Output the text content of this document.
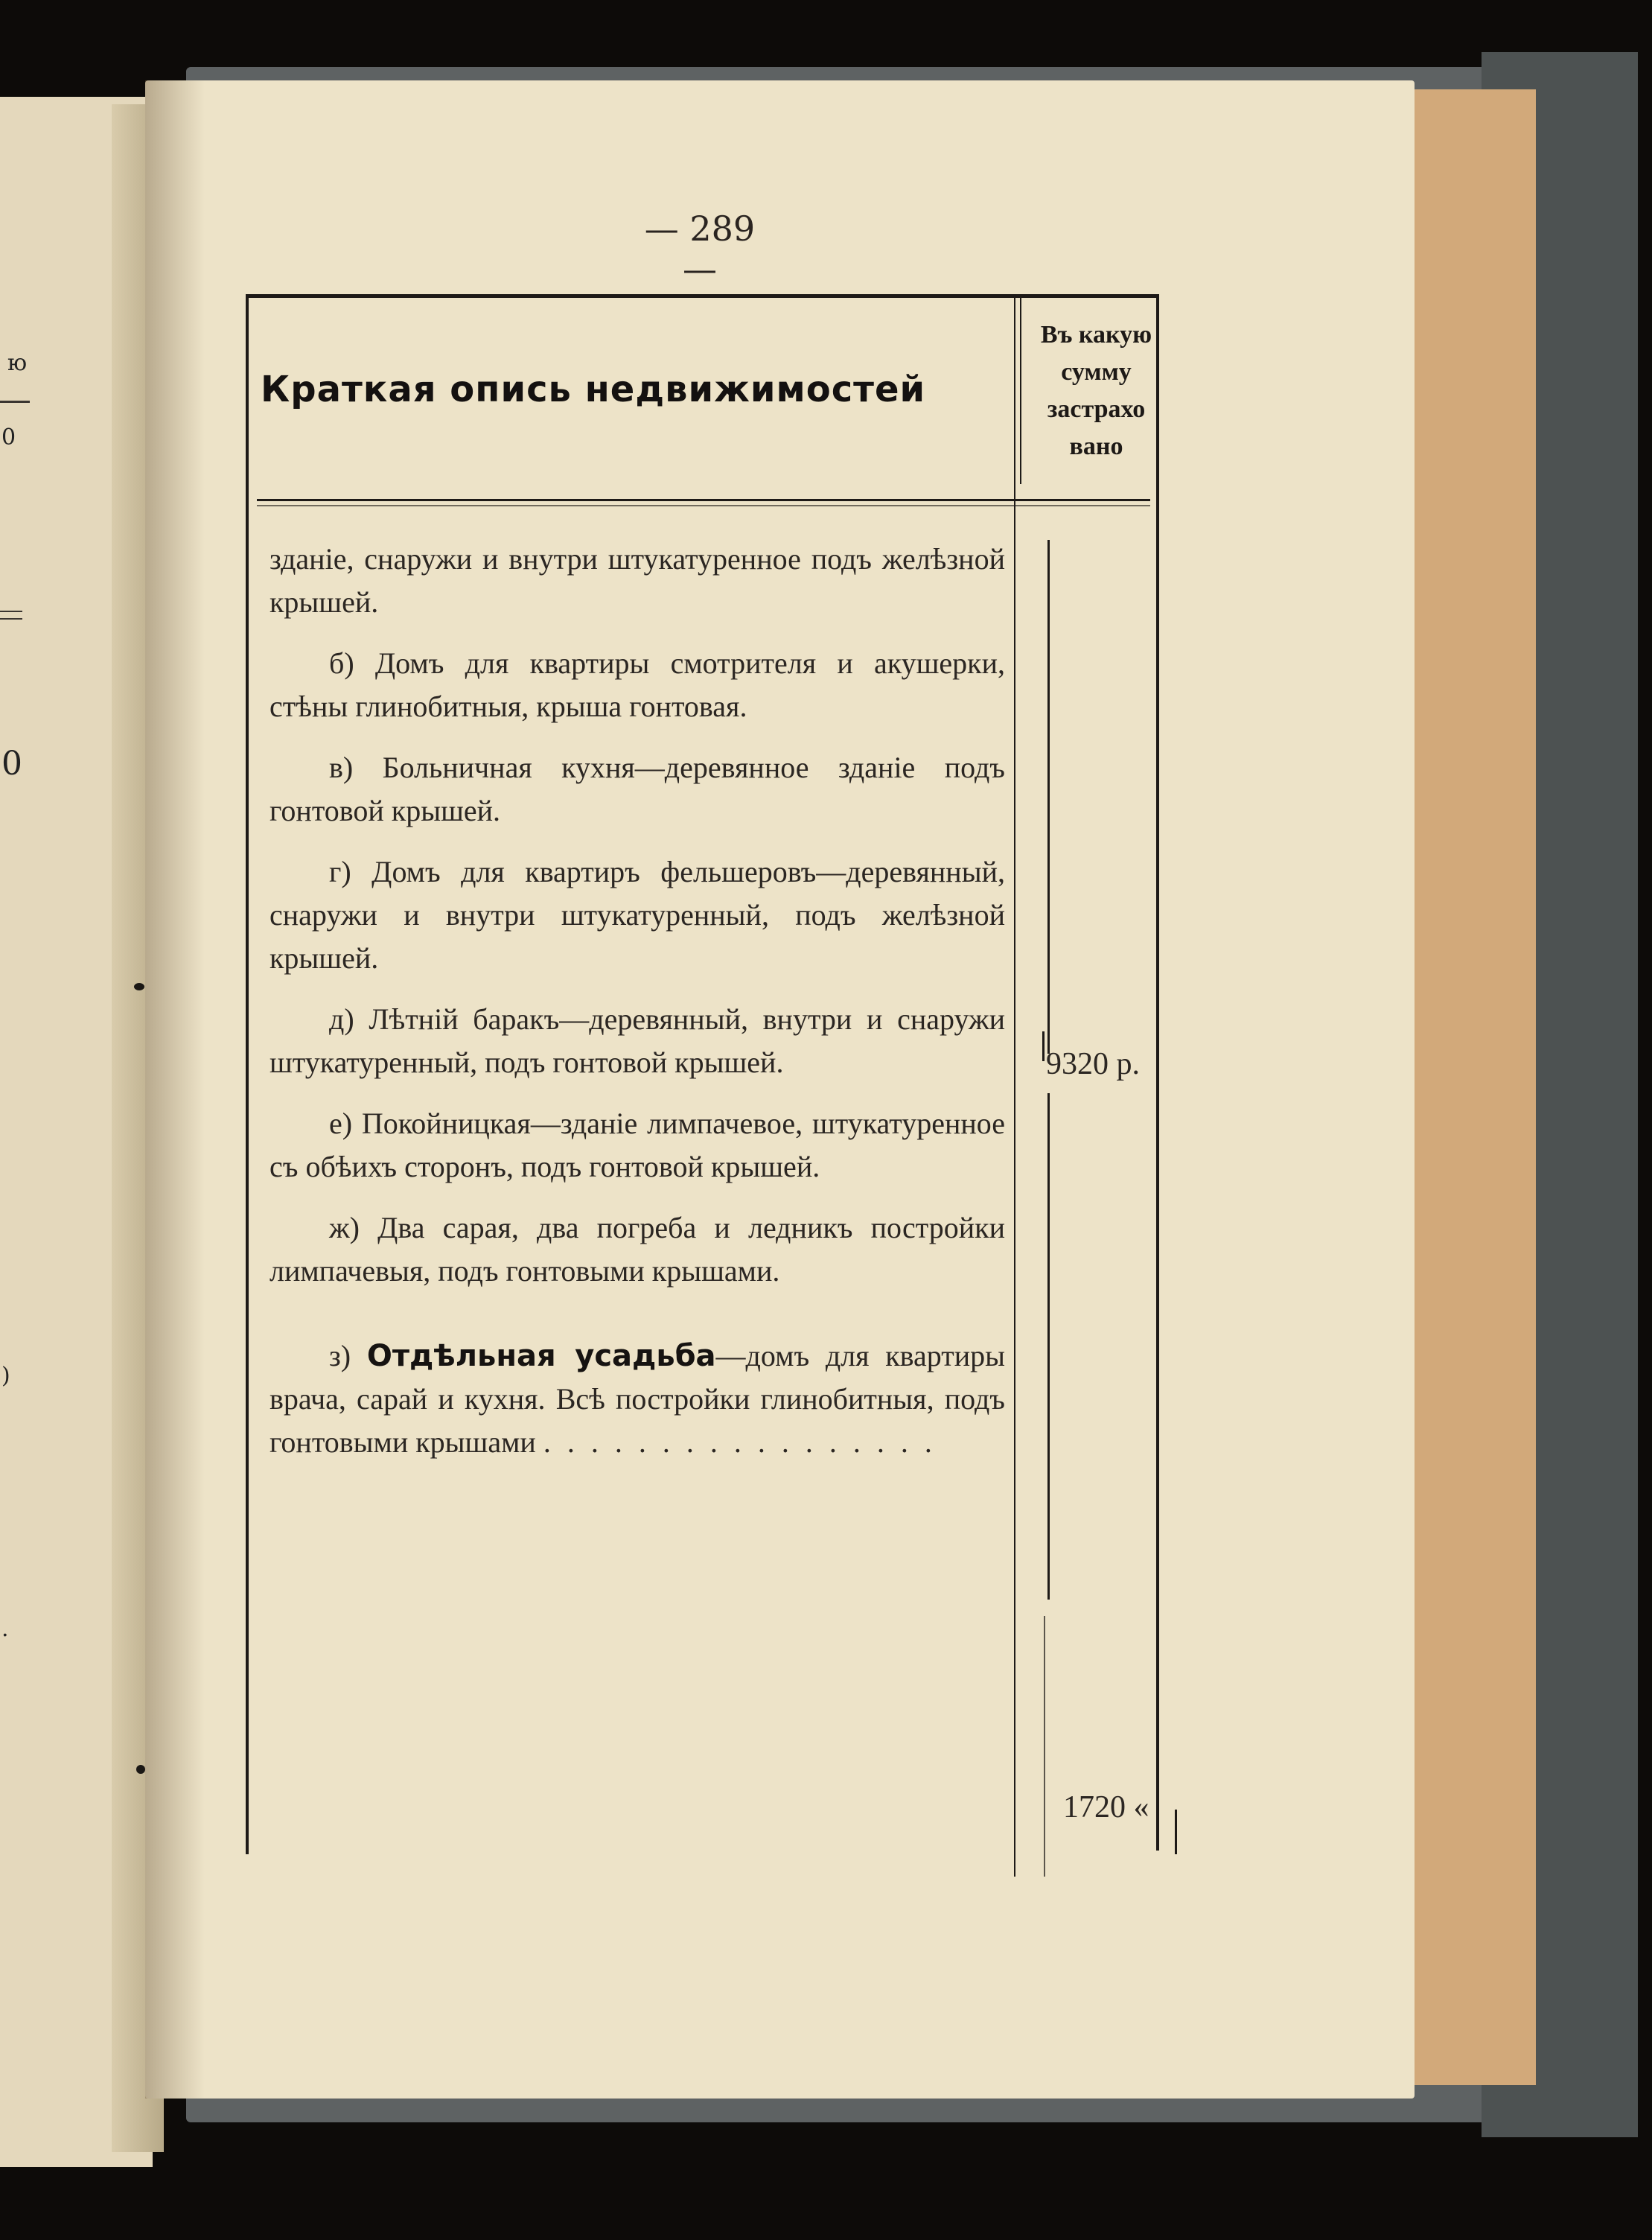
ю
0
0
)
.
— 289 —
Краткая опись недвижимостей
Въ какую
сумму
застрахо
вано

зданіе, снаружи и внутри штукатуренное подъ желѣзной крышей.

б) Домъ для квартиры смотрителя и акушерки, стѣны глинобитныя, крыша гонтовая.

в) Больничная кухня—деревянное зданіе подъ гонтовой крышей.

г) Домъ для квартиръ фельшеровъ—деревянный, снаружи и внутри штукатуренный, подъ желѣзной крышей.

д) Лѣтній баракъ—деревянный, внутри и снаружи штукатуренный, подъ гонтовой крышей.

е) Покойницкая—зданіе лимпачевое, штукатуренное съ обѣихъ сторонъ, подъ гонтовой крышей.

ж) Два сарая, два погреба и ледникъ постройки лимпачевыя, подъ гонтовыми крышами.

з) Отдѣльная усадьба—домъ для квартиры врача, сарай и кухня. Всѣ постройки глинобитныя, подъ гонтовыми крышами . . . . . . . . . . . . . . . . .

9320 р.
1720 «
